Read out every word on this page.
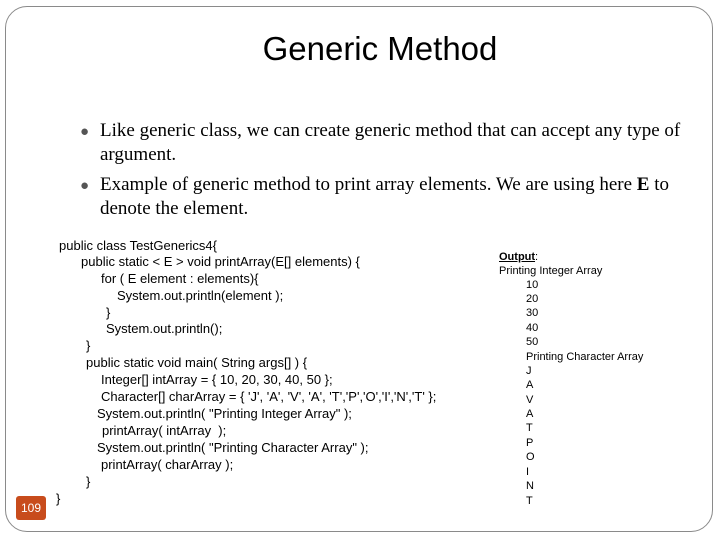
Generic Method
● Like generic class, we can create generic method that can accept any type of argument.
● Example of generic method to print array elements. We are using here E to denote the element.
public class TestGenerics4{
public static < E > void printArray(E[] elements) {
for ( E element : elements){
System.out.println(element );
}
System.out.println();
}
public static void main( String args[] ) {
Integer[] intArray = { 10, 20, 30, 40, 50 };
Character[] charArray = { 'J', 'A', 'V', 'A', 'T','P','O','I','N','T' };
System.out.println( "Printing Integer Array" );
printArray( intArray  );
System.out.println( "Printing Character Array" );
printArray( charArray );
}
}
Output:
Printing Integer Array
10
20
30
40
50
Printing Character Array
J
A
V
A
T
P
O
I
N
T
109
